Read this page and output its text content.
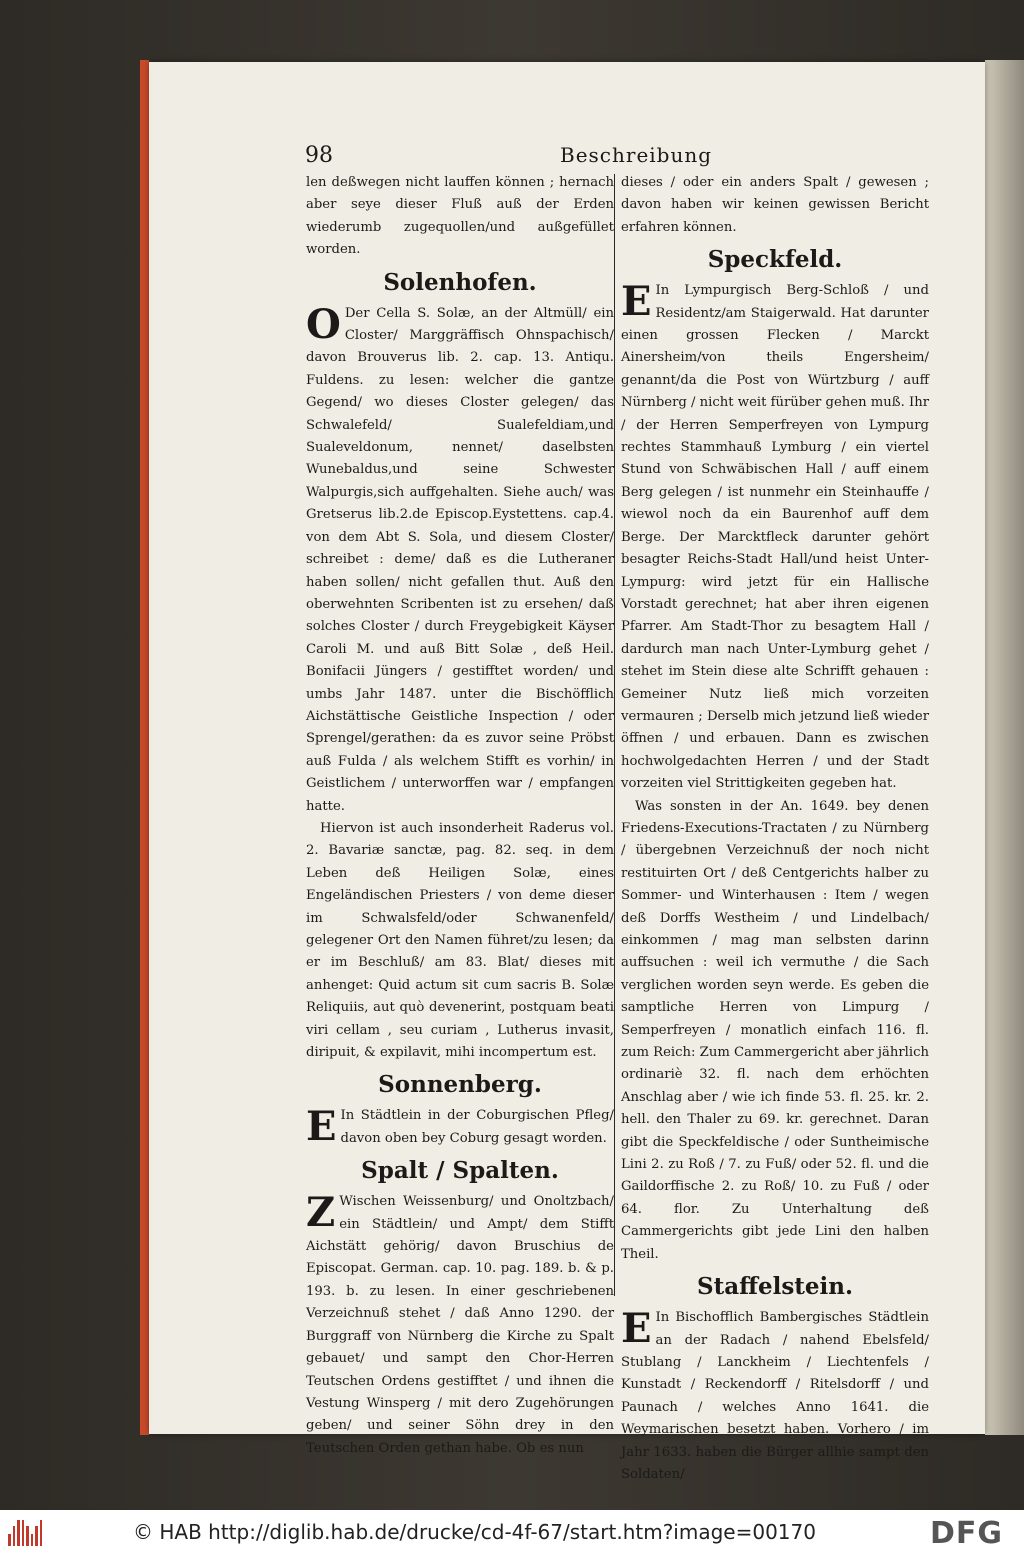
98	Beschreibung

len deßwegen nicht lauffen können ; hernach aber seye dieser Fluß auß der Erden wiederumb zugequollen/und außgefüllet worden.

Solenhofen.

O Der Cella S. Solæ, an der Altmüll/ ein Closter/ Marggräffisch Ohnspachisch/ davon Brouverus lib. 2. cap. 13. Antiqu. Fuldens. zu lesen: welcher die gantze Gegend/ wo dieses Closter gelegen/ das Schwalefeld/ Sualefeldiam,und Sualeveldonum, nennet/ daselbsten Wunebaldus,und seine Schwester Walpurgis,sich auffgehalten. Siehe auch/ was Gretserus lib.2.de Episcop.Eystettens. cap.4. von dem Abt S. Sola, und diesem Closter/ schreibet : deme/ daß es die Lutheraner haben sollen/ nicht gefallen thut. Auß den oberwehnten Scribenten ist zu ersehen/ daß solches Closter / durch Freygebigkeit Käyser Caroli M. und auß Bitt Solæ , deß Heil. Bonifacii Jüngers / gestifftet worden/ und umbs Jahr 1487. unter die Bischöfflich Aichstättische Geistliche Inspection / oder Sprengel/gerathen: da es zuvor seine Pröbst auß Fulda / als welchem Stifft es vorhin/ in Geistlichem / unterworffen war / empfangen hatte.

Hiervon ist auch insonderheit Raderus vol. 2. Bavariæ sanctæ, pag. 82. seq. in dem Leben deß Heiligen Solæ, eines Engeländischen Priesters / von deme dieser im Schwalsfeld/oder Schwanenfeld/ gelegener Ort den Namen führet/zu lesen; da er im Beschluß/ am 83. Blat/ dieses mit anhenget: Quid actum sit cum sacris B. Solæ Reliquiis, aut quò devenerint, postquam beati viri cellam , seu curiam , Lutherus invasit, diripuit, & expilavit, mihi incompertum est.

Sonnenberg.

E In Städtlein in der Coburgischen Pfleg/ davon oben bey Coburg gesagt worden.

Spalt / Spalten.

Z Wischen Weissenburg/ und Onoltzbach/ ein Städtlein/ und Ampt/ dem Stifft Aichstätt gehörig/ davon Bruschius de Episcopat. German. cap. 10. pag. 189. b. & p. 193. b. zu lesen. In einer geschriebenen Verzeichnuß stehet / daß Anno 1290. der Burggraff von Nürnberg die Kirche zu Spalt gebauet/ und sampt den Chor-Herren Teutschen Ordens gestifftet / und ihnen die Vestung Winsperg / mit dero Zugehörungen geben/ und seiner Söhn drey in den Teutschen Orden gethan habe. Ob es nun

dieses / oder ein anders Spalt / gewesen ; davon haben wir keinen gewissen Bericht erfahren können.

Speckfeld.

E In Lympurgisch Berg-Schloß / und Residentz/am Staigerwald. Hat darunter einen grossen Flecken / Marckt Ainersheim/von theils Engersheim/ genannt/da die Post von Würtzburg / auff Nürnberg / nicht weit fürüber gehen muß. Ihr / der Herren Semperfreyen von Lympurg rechtes Stammhauß Lymburg / ein viertel Stund von Schwäbischen Hall / auff einem Berg gelegen / ist nunmehr ein Steinhauffe / wiewol noch da ein Baurenhof auff dem Berge. Der Marcktfleck darunter gehört besagter Reichs-Stadt Hall/und heist Unter-Lympurg: wird jetzt für ein Hallische Vorstadt gerechnet; hat aber ihren eigenen Pfarrer. Am Stadt-Thor zu besagtem Hall / dardurch man nach Unter-Lymburg gehet / stehet im Stein diese alte Schrifft gehauen : Gemeiner Nutz ließ mich vorzeiten vermauren ; Derselb mich jetzund ließ wieder öffnen / und erbauen. Dann es zwischen hochwolgedachten Herren / und der Stadt vorzeiten viel Strittigkeiten gegeben hat.

Was sonsten in der An. 1649. bey denen Friedens-Executions-Tractaten / zu Nürnberg / übergebnen Verzeichnuß der noch nicht restituirten Ort / deß Centgerichts halber zu Sommer- und Winterhausen : Item / wegen deß Dorffs Westheim / und Lindelbach/ einkommen / mag man selbsten darinn auffsuchen : weil ich vermuthe / die Sach verglichen worden seyn werde. Es geben die samptliche Herren von Limpurg / Semperfreyen / monatlich einfach 116. fl. zum Reich: Zum Cammergericht aber jährlich ordinariè 32. fl. nach dem erhöchten Anschlag aber / wie ich finde 53. fl. 25. kr. 2. hell. den Thaler zu 69. kr. gerechnet. Daran gibt die Speckfeldische / oder Suntheimische Lini 2. zu Roß / 7. zu Fuß/ oder 52. fl. und die Gaildorffische 2. zu Roß/ 10. zu Fuß / oder 64. flor. Zu Unterhaltung deß Cammergerichts gibt jede Lini den halben Theil.

Staffelstein.

E In Bischofflich Bambergisches Städtlein an der Radach / nahend Ebelsfeld/ Stublang / Lanckheim / Liechtenfels / Kunstadt / Reckendorff / Ritelsdorff / und Paunach / welches Anno 1641. die Weymarischen besetzt haben. Vorhero / im Jahr 1633. haben die Bürger allhie sampt den Soldaten/

© HAB http://diglib.hab.de/drucke/cd-4f-67/start.htm?image=00170	DFG
